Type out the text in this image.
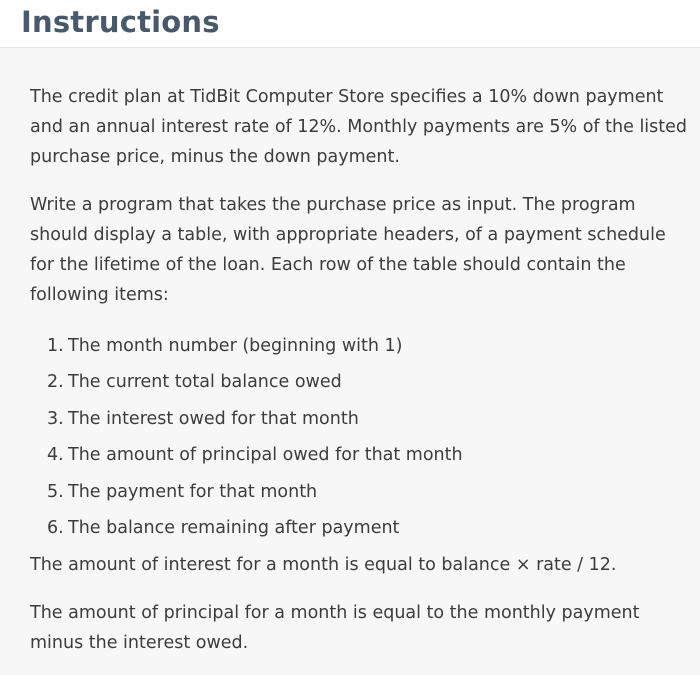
Instructions

The credit plan at TidBit Computer Store specifies a 10% down payment and an annual interest rate of 12%. Monthly payments are 5% of the listed purchase price, minus the down payment.

Write a program that takes the purchase price as input. The program should display a table, with appropriate headers, of a payment schedule for the lifetime of the loan. Each row of the table should contain the following items:

1. The month number (beginning with 1)
2. The current total balance owed
3. The interest owed for that month
4. The amount of principal owed for that month
5. The payment for that month
6. The balance remaining after payment

The amount of interest for a month is equal to balance × rate / 12.

The amount of principal for a month is equal to the monthly payment minus the interest owed.
